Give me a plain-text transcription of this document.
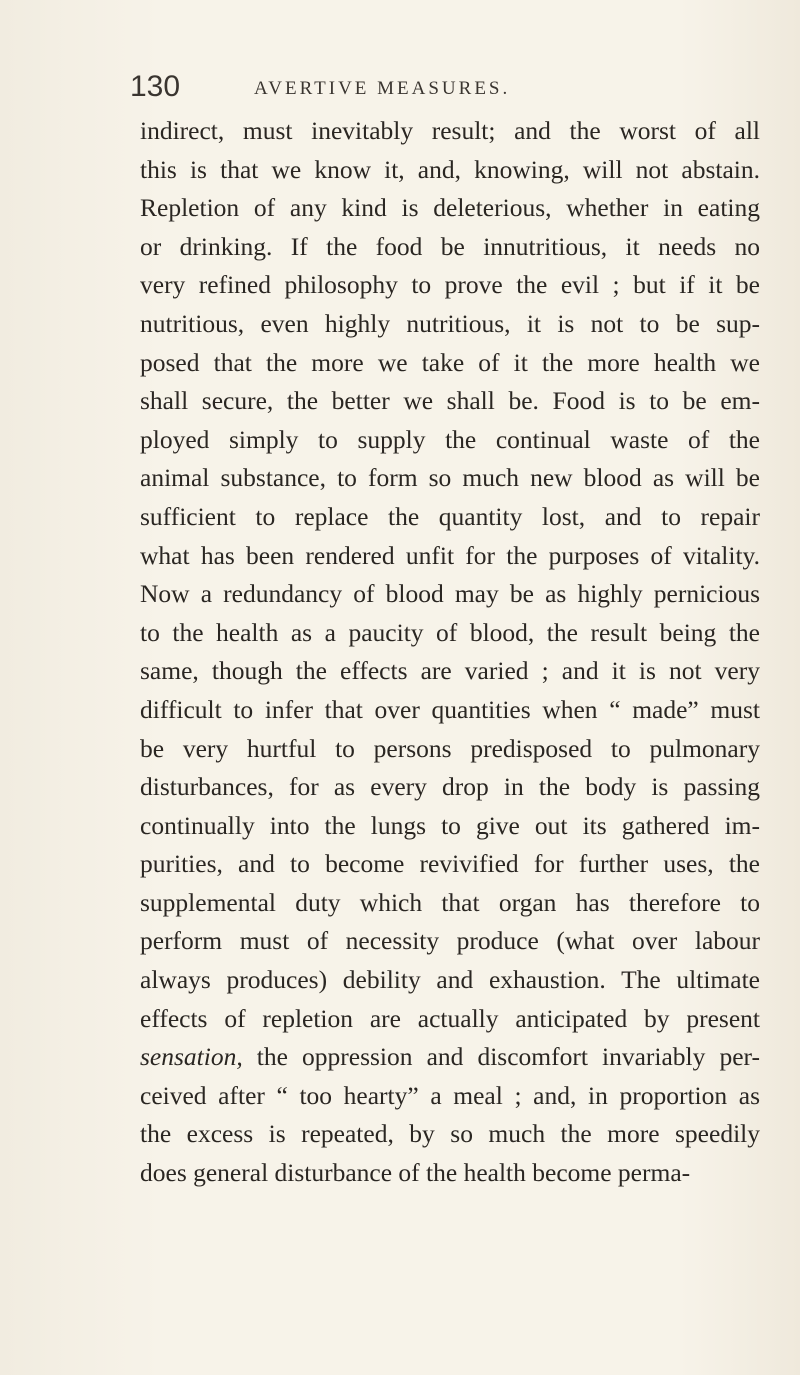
130	AVERTIVE MEASURES.
indirect, must inevitably result; and the worst of all
this is that we know it, and, knowing, will not abstain.
Repletion of any kind is deleterious, whether in eating
or drinking. If the food be innutritious, it needs no
very refined philosophy to prove the evil ; but if it be
nutritious, even highly nutritious, it is not to be sup-
posed that the more we take of it the more health we
shall secure, the better we shall be. Food is to be em-
ployed simply to supply the continual waste of the
animal substance, to form so much new blood as will be
sufficient to replace the quantity lost, and to repair
what has been rendered unfit for the purposes of vitality.
Now a redundancy of blood may be as highly pernicious
to the health as a paucity of blood, the result being the
same, though the effects are varied ; and it is not very
difficult to infer that over quantities when “ made” must
be very hurtful to persons predisposed to pulmonary
disturbances, for as every drop in the body is passing
continually into the lungs to give out its gathered im-
purities, and to become revivified for further uses, the
supplemental duty which that organ has therefore to
perform must of necessity produce (what over labour
always produces) debility and exhaustion. The ultimate
effects of repletion are actually anticipated by present
sensation, the oppression and discomfort invariably per-
ceived after “ too hearty” a meal ; and, in proportion as
the excess is repeated, by so much the more speedily
does general disturbance of the health become perma-
